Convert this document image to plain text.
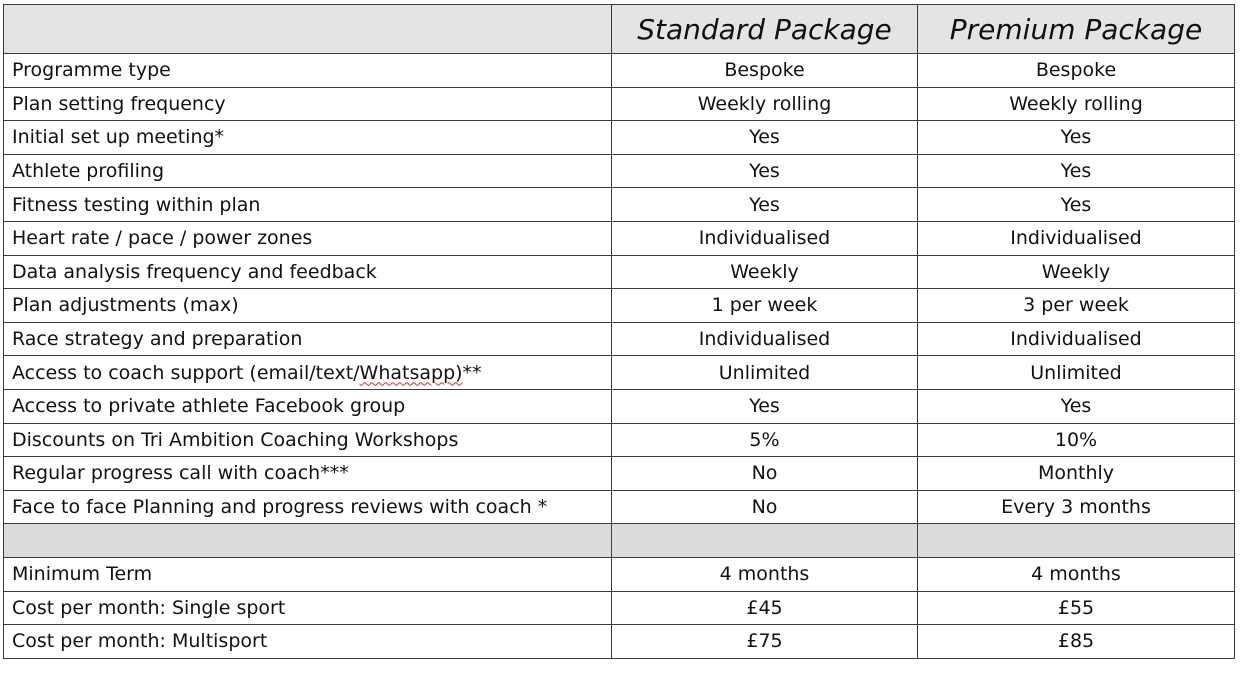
	Standard Package	Premium Package
Programme type	Bespoke	Bespoke
Plan setting frequency	Weekly rolling	Weekly rolling
Initial set up meeting*	Yes	Yes
Athlete profiling	Yes	Yes
Fitness testing within plan	Yes	Yes
Heart rate / pace / power zones	Individualised	Individualised
Data analysis frequency and feedback	Weekly	Weekly
Plan adjustments (max)	1 per week	3 per week
Race strategy and preparation	Individualised	Individualised
Access to coach support (email/text/Whatsapp)**	Unlimited	Unlimited
Access to private athlete Facebook group	Yes	Yes
Discounts on Tri Ambition Coaching Workshops	5%	10%
Regular progress call with coach***	No	Monthly
Face to face Planning and progress reviews with coach *	No	Every 3 months

Minimum Term	4 months	4 months
Cost per month: Single sport	£45	£55
Cost per month: Multisport	£75	£85
